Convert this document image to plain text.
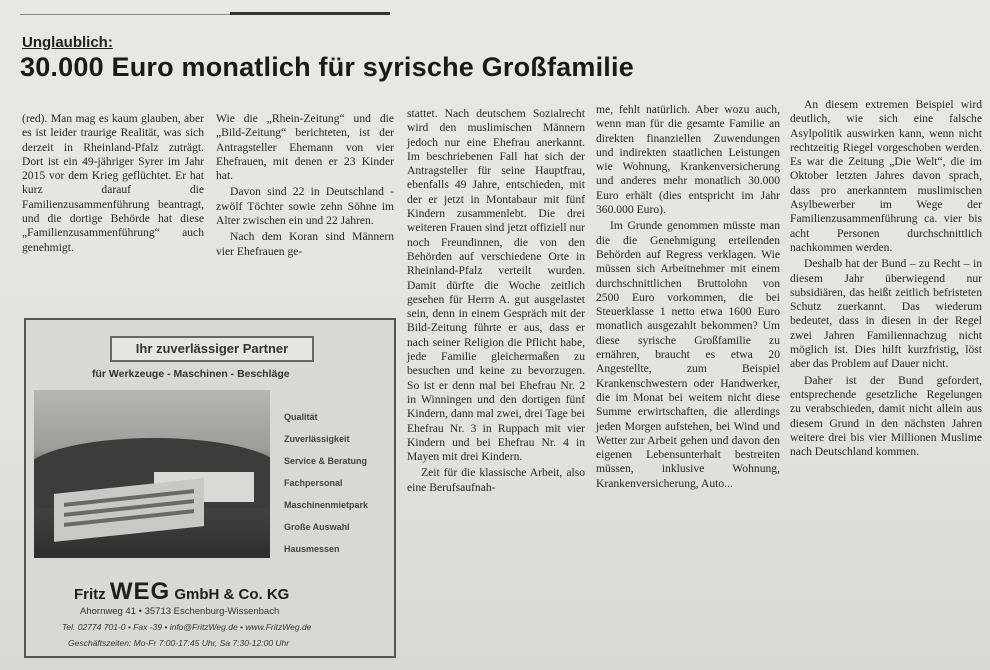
Unglaublich:
30.000 Euro monatlich für syrische Großfamilie

(red). Man mag es kaum glauben, aber es ist leider traurige Realität, was sich derzeit in Rheinland-Pfalz zuträgt. Dort ist ein 49-jähriger Syrer im Jahr 2015 vor dem Krieg geflüchtet. Er hat kurz darauf die Familienzusammenführung beantragt, und die dortige Behörde hat diese „Familienzusammenführung“ auch genehmigt.

Wie die „Rhein-Zeitung“ und die „Bild-Zeitung“ berichteten, ist der Antragsteller Ehemann von vier Ehefrauen, mit denen er 23 Kinder hat.

Davon sind 22 in Deutschland - zwölf Töchter sowie zehn Söhne im Alter zwischen ein und 22 Jahren.

Nach dem Koran sind Männern vier Ehefrauen ge-

stattet. Nach deutschem Sozialrecht wird den muslimischen Männern jedoch nur eine Ehefrau anerkannt. Im beschriebenen Fall hat sich der Antragsteller für seine Hauptfrau, ebenfalls 49 Jahre, entschieden, mit der er jetzt in Montabaur mit fünf Kindern zusammenlebt. Die drei weiteren Frauen sind jetzt offiziell nur noch Freundinnen, die von den Behörden auf verschiedene Orte in Rheinland-Pfalz verteilt wurden. Damit dürfte die Woche zeitlich gesehen für Herrn A. gut ausgelastet sein, denn in einem Gespräch mit der Bild-Zeitung führte er aus, dass er nach seiner Religion die Pflicht habe, jede Familie gleichermaßen zu besuchen und keine zu bevorzugen. So ist er denn mal bei Ehefrau Nr. 2 in Winningen und den dortigen fünf Kindern, dann mal zwei, drei Tage bei Ehefrau Nr. 3 in Ruppach mit vier Kindern und bei Ehefrau Nr. 4 in Mayen mit drei Kindern.

Zeit für die klassische Arbeit, also eine Berufsaufnah-

me, fehlt natürlich. Aber wozu auch, wenn man für die gesamte Familie an direkten finanziellen Zuwendungen und indirekten staatlichen Leistungen wie Wohnung, Krankenversicherung und anderes mehr monatlich 30.000 Euro erhält (dies entspricht im Jahr 360.000 Euro).

Im Grunde genommen müsste man die die Genehmigung erteilenden Behörden auf Regress verklagen. Wie müssen sich Arbeitnehmer mit einem durchschnittlichen Bruttolohn von 2500 Euro vorkommen, die bei Steuerklasse 1 netto etwa 1600 Euro monatlich ausgezahlt bekommen? Um diese syrische Großfamilie zu ernähren, braucht es etwa 20 Angestellte, zum Beispiel Krankenschwestern oder Handwerker, die im Monat bei weitem nicht diese Summe erwirtschaften, die allerdings jeden Morgen aufstehen, bei Wind und Wetter zur Arbeit gehen und davon den eigenen Lebensunterhalt bestreiten müssen, inklusive Wohnung, Krankenversicherung, Auto...

An diesem extremen Beispiel wird deutlich, wie sich eine falsche Asylpolitik auswirken kann, wenn nicht rechtzeitig Riegel vorgeschoben werden. Es war die Zeitung „Die Welt“, die im Oktober letzten Jahres davon sprach, dass pro anerkanntem muslimischen Asylbewerber im Wege der Familienzusammenführung ca. vier bis acht Personen durchschnittlich nachkommen werden.

Deshalb hat der Bund – zu Recht – in diesem Jahr überwiegend nur subsidiären, das heißt zeitlich befristeten Schutz zuerkannt. Das wiederum bedeutet, dass in diesen in der Regel zwei Jahren Familiennachzug nicht möglich ist. Dies hilft kurzfristig, löst aber das Problem auf Dauer nicht.

Daher ist der Bund gefordert, entsprechende gesetzliche Regelungen zu verabschieden, damit nicht allein aus diesem Grund in den nächsten Jahren weitere drei bis vier Millionen Muslime nach Deutschland kommen.

Ihr zuverlässiger Partner
für Werkzeuge - Maschinen - Beschläge
Qualität
Zuverlässigkeit
Service & Beratung
Fachpersonal
Maschinenmietpark
Große Auswahl
Hausmessen
Fritz WEG GmbH & Co. KG
Ahornweg 41 • 35713 Eschenburg-Wissenbach
Tel. 02774 701-0 • Fax -39 • info@FritzWeg.de • www.FritzWeg.de
Geschäftszeiten: Mo-Fr 7:00-17:45 Uhr, Sa 7:30-12:00 Uhr
